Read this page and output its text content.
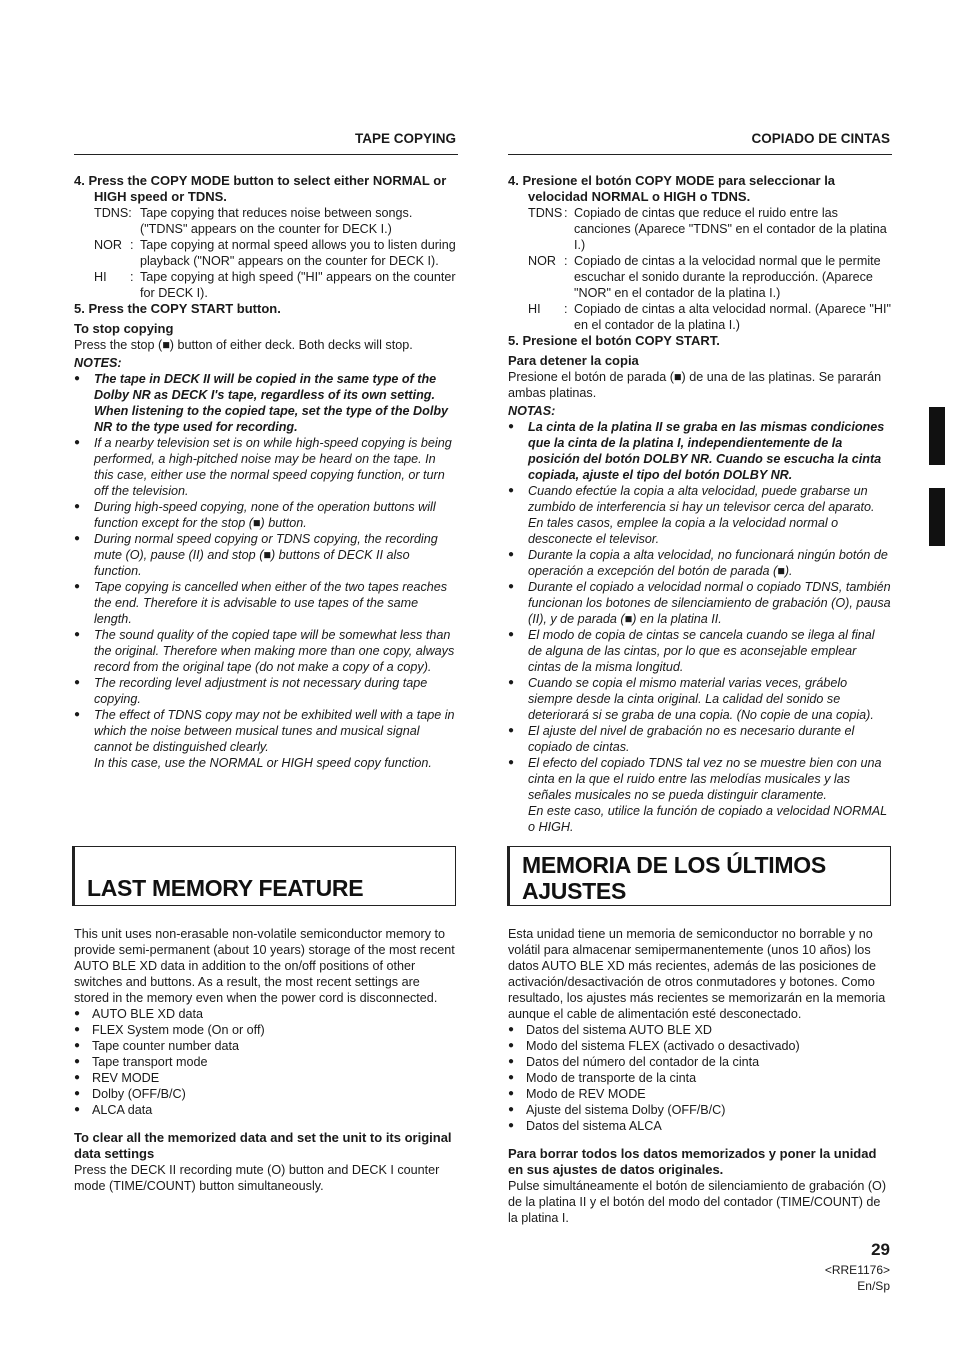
TAPE COPYING

4. Press the COPY MODE button to select either NORMAL or HIGH speed or TDNS.

TDNS: Tape copying that reduces noise between songs. ("TDNS" appears on the counter for DECK I.)
NOR : Tape copying at normal speed allows you to listen during playback ("NOR" appears on the counter for DECK I).
HI	: Tape copying at high speed ("HI" appears on the counter for DECK I).

5. Press the COPY START button.

To stop copying

Press the stop (■) button of either deck. Both decks will stop.

NOTES:

● The tape in DECK II will be copied in the same type of the Dolby NR as DECK I's tape, regardless of its own setting. When listening to the copied tape, set the type of the Dolby NR to the type used for recording.
● If a nearby television set is on while high-speed copying is being performed, a high-pitched noise may be heard on the tape. In this case, either use the normal speed copying function, or turn off the television.
● During high-speed copying, none of the operation buttons will function except for the stop (■) button.
● During normal speed copying or TDNS copying, the recording mute (O), pause (II) and stop (■) buttons of DECK II also function.
● Tape copying is cancelled when either of the two tapes reaches the end. Therefore it is advisable to use tapes of the same length.
● The sound quality of the copied tape will be somewhat less than the original. Therefore when making more than one copy, always record from the original tape (do not make a copy of a copy).
● The recording level adjustment is not necessary during tape copying.
● The effect of TDNS copy may not be exhibited well with a tape in which the noise between musical tunes and musical signal cannot be distinguished clearly.

In this case, use the NORMAL or HIGH speed copy function.

COPIADO DE CINTAS

4. Presione el botón COPY MODE para seleccionar la velocidad NORMAL o HIGH o TDNS.

TDNS : Copiado de cintas que reduce el ruido entre las canciones (Aparece "TDNS" en el contador de la platina I.)
NOR : Copiado de cintas a la velocidad normal que le permite escuchar el sonido durante la reproducción. (Aparece "NOR" en el contador de la platina I.)
HI	: Copiado de cintas a alta velocidad normal. (Aparece "HI" en el contador de la platina I.)

5. Presione el botón COPY START.

Para detener la copia

Presione el botón de parada (■) de una de las platinas. Se pararán ambas platinas.

NOTAS:

● La cinta de la platina II se graba en las mismas condiciones que la cinta de la platina I, independientemente de la posición del botón DOLBY NR. Cuando se escucha la cinta copiada, ajuste el tipo del botón DOLBY NR.
● Cuando efectúe la copia a alta velocidad, puede grabarse un zumbido de interferencia si hay un televisor cerca del aparato. En tales casos, emplee la copia a la velocidad normal o desconecte el televisor.
● Durante la copia a alta velocidad, no funcionará ningún botón de operación a excepción del botón de parada (■).
● Durante el copiado a velocidad normal o copiado TDNS, también funcionan los botones de silenciamiento de grabación (O), pausa (II), y de parada (■) en la platina II.
● El modo de copia de cintas se cancela cuando se ilega al final de alguna de las cintas, por lo que es aconsejable emplear cintas de la misma longitud.
● Cuando se copia el mismo material varias veces, grábelo siempre desde la cinta original. La calidad del sonido se deteriorará si se graba de una copia. (No copie de una copia).
● El ajuste del nivel de grabación no es necesario durante el copiado de cintas.
● El efecto del copiado TDNS tal vez no se muestre bien con una cinta en la que el ruido entre las melodías musicales y las señales musicales no se pueda distinguir claramente.

En este caso, utilice la función de copiado a velocidad NORMAL o HIGH.

LAST MEMORY FEATURE
MEMORIA DE LOS ÚLTIMOS
AJUSTES

This unit uses non-erasable non-volatile semiconductor memory to provide semi-permanent (about 10 years) storage of the most recent AUTO BLE XD data in addition to the on/off positions of other switches and buttons. As a result, the most recent settings are stored in the memory even when the power cord is disconnected.

● AUTO BLE XD data
● FLEX System mode (On or off)
● Tape counter number data
● Tape transport mode
● REV MODE
● Dolby (OFF/B/C)
● ALCA data

To clear all the memorized data and set the unit to its original data settings

Press the DECK II recording mute (O) button and DECK I counter mode (TIME/COUNT) button simultaneously.

Esta unidad tiene un memoria de semiconductor no borrable y no volátil para almacenar semipermanentemente (unos 10 años) los datos AUTO BLE XD más recientes, además de las posiciones de activación/desactivación de otros conmutadores y botones. Como resultado, los ajustes más recientes se memorizarán en la memoria aunque el cable de alimentación esté desconectado.

● Datos del sistema AUTO BLE XD
● Modo del sistema FLEX (activado o desactivado)
● Datos del número del contador de la cinta
● Modo de transporte de la cinta
● Modo de REV MODE
● Ajuste del sistema Dolby (OFF/B/C)
● Datos del sistema ALCA

Para borrar todos los datos memorizados y poner la unidad en sus ajustes de datos originales.

Pulse simultáneamente el botón de silenciamiento de grabación (O) de la platina II y el botón del modo del contador (TIME/COUNT) de la platina I.

29
<RRE1176>
En/Sp
